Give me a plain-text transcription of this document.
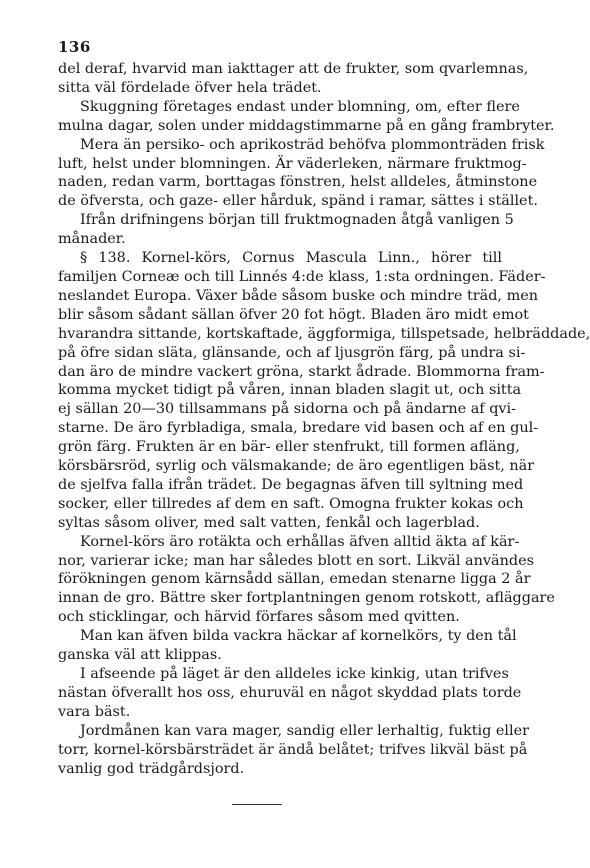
136
del deraf, hvarvid man iakttager att de frukter, som qvarlemnas,
sitta väl fördelade öfver hela trädet.
Skuggning företages endast under blomning, om, efter flere
mulna dagar, solen under middagstimmarne på en gång frambryter.
Mera än persiko- och aprikosträd behöfva plommonträden frisk
luft, helst under blomningen. Är väderleken, närmare fruktmog-
naden, redan varm, borttagas fönstren, helst alldeles, åtminstone
de öfversta, och gaze- eller hårduk, spänd i ramar, sättes i stället.
Ifrån drifningens början till fruktmognaden åtgå vanligen 5
månader.
§ 138. Kornel-körs, Cornus Mascula Linn., hörer till
familjen Corneæ och till Linnés 4:de klass, 1:sta ordningen. Fäder-
neslandet Europa. Växer både såsom buske och mindre träd, men
blir såsom sådant sällan öfver 20 fot högt. Bladen äro midt emot
hvarandra sittande, kortskaftade, äggformiga, tillspetsade, helbräddade,
på öfre sidan släta, glänsande, och af ljusgrön färg, på undra si-
dan äro de mindre vackert gröna, starkt ådrade. Blommorna fram-
komma mycket tidigt på våren, innan bladen slagit ut, och sitta
ej sällan 20—30 tillsammans på sidorna och på ändarne af qvi-
starne. De äro fyrbladiga, smala, bredare vid basen och af en gul-
grön färg. Frukten är en bär- eller stenfrukt, till formen afläng,
körsbärsröd, syrlig och välsmakande; de äro egentligen bäst, när
de sjelfva falla ifrån trädet. De begagnas äfven till syltning med
socker, eller tillredes af dem en saft. Omogna frukter kokas och
syltas såsom oliver, med salt vatten, fenkål och lagerblad.
Kornel-körs äro rotäkta och erhållas äfven alltid äkta af kär-
nor, varierar icke; man har således blott en sort. Likväl användes
förökningen genom kärnsådd sällan, emedan stenarne ligga 2 år
innan de gro. Bättre sker fortplantningen genom rotskott, afläggare
och sticklingar, och härvid förfares såsom med qvitten.
Man kan äfven bilda vackra häckar af kornelkörs, ty den tål
ganska väl att klippas.
I afseende på läget är den alldeles icke kinkig, utan trifves
nästan öfverallt hos oss, ehuruväl en något skyddad plats torde
vara bäst.
Jordmånen kan vara mager, sandig eller lerhaltig, fuktig eller
torr, kornel-körsbärsträdet är ändå belåtet; trifves likväl bäst på
vanlig god trädgårdsjord.
